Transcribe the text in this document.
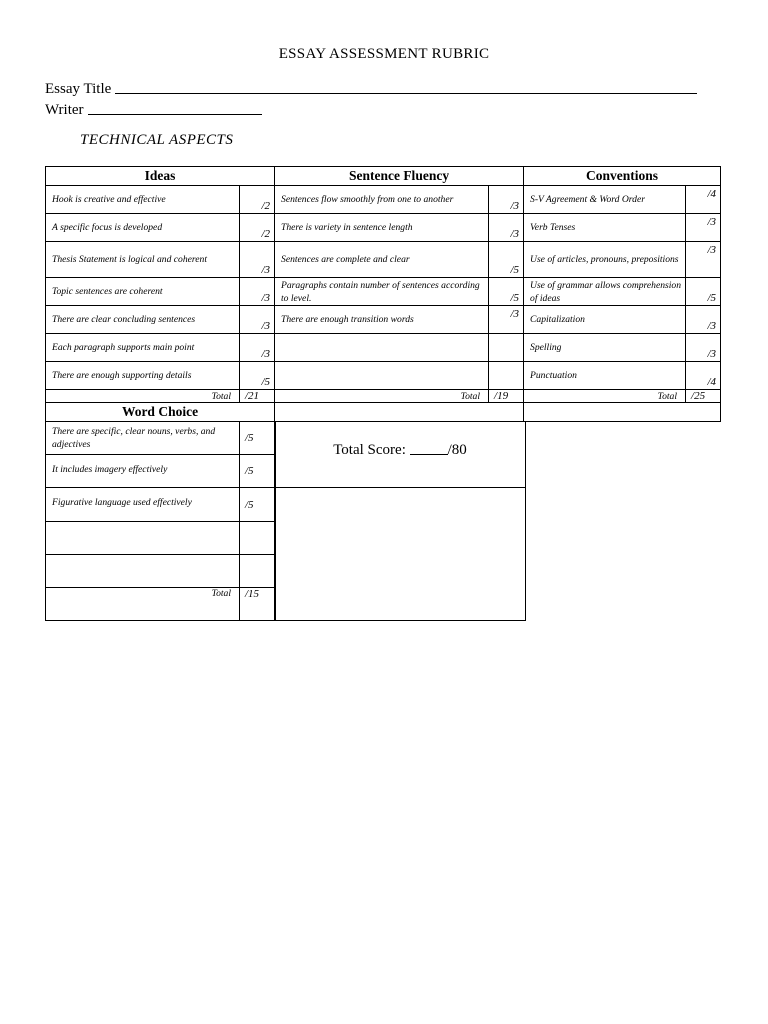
ESSAY ASSESSMENT RUBRIC
Essay Title
Writer
TECHNICAL ASPECTS
Ideas		Sentence Fluency		Conventions	
Hook is creative and effective	/2	Sentences flow smoothly from one to another	/3	S-V Agreement & Word Order	/4
A specific focus is developed	/2	There is variety in sentence length	/3	Verb Tenses	/3
Thesis Statement is logical and coherent	/3	Sentences are complete and clear	/5	Use of articles, pronouns, prepositions	/3
Topic sentences are coherent	/3	Paragraphs contain number of sentences according to level.	/5	Use of grammar allows comprehension of ideas	/5
There are clear concluding sentences	/3	There are enough transition words	/3	Capitalization	/3
Each paragraph supports main point	/3			Spelling	/3
There are enough supporting details	/5			Punctuation	/4
Total	/21	Total	/19	Total	/25
Word Choice					
There are specific, clear nouns, verbs, and adjectives	/5
It includes imagery effectively	/5
Figurative language used effectively	/5

Total	/15
Total Score:	/80
